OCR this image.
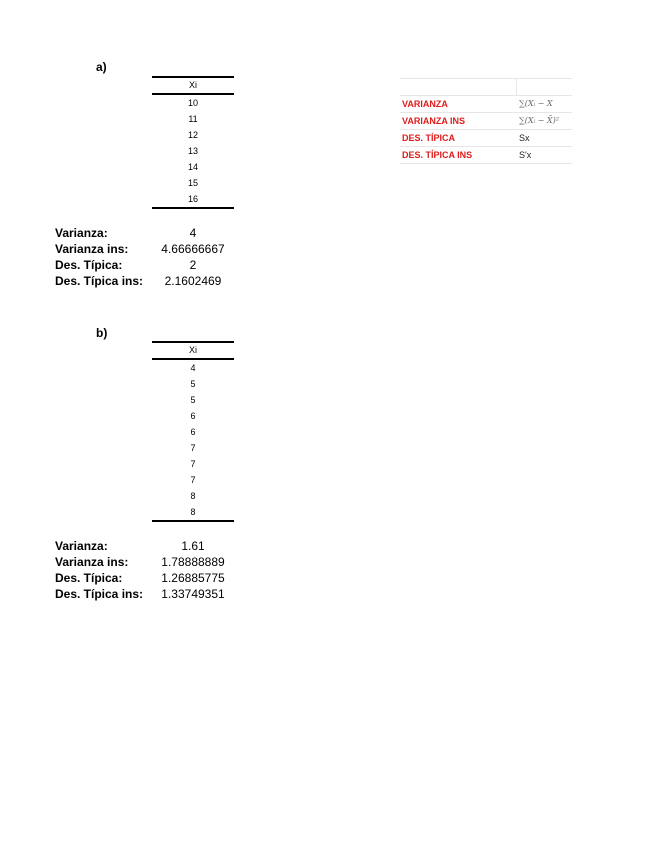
a)
Xi
10
11
12
13
14
15
16
Varianza:	4
Varianza ins:	4.66666667
Des. Típica:	2
Des. Típica ins:	2.1602469
b)
Xi
4
5
5
6
6
7
7
7
8
8
Varianza:	1.61
Varianza ins:	1.78888889
Des. Típica:	1.26885775
Des. Típica ins:	1.33749351
VARIANZA	∑(Xᵢ − X
VARIANZA INS	∑(Xᵢ − X̄)²
DES. TÍPICA	Sx
DES. TÍPICA INS	S'x
